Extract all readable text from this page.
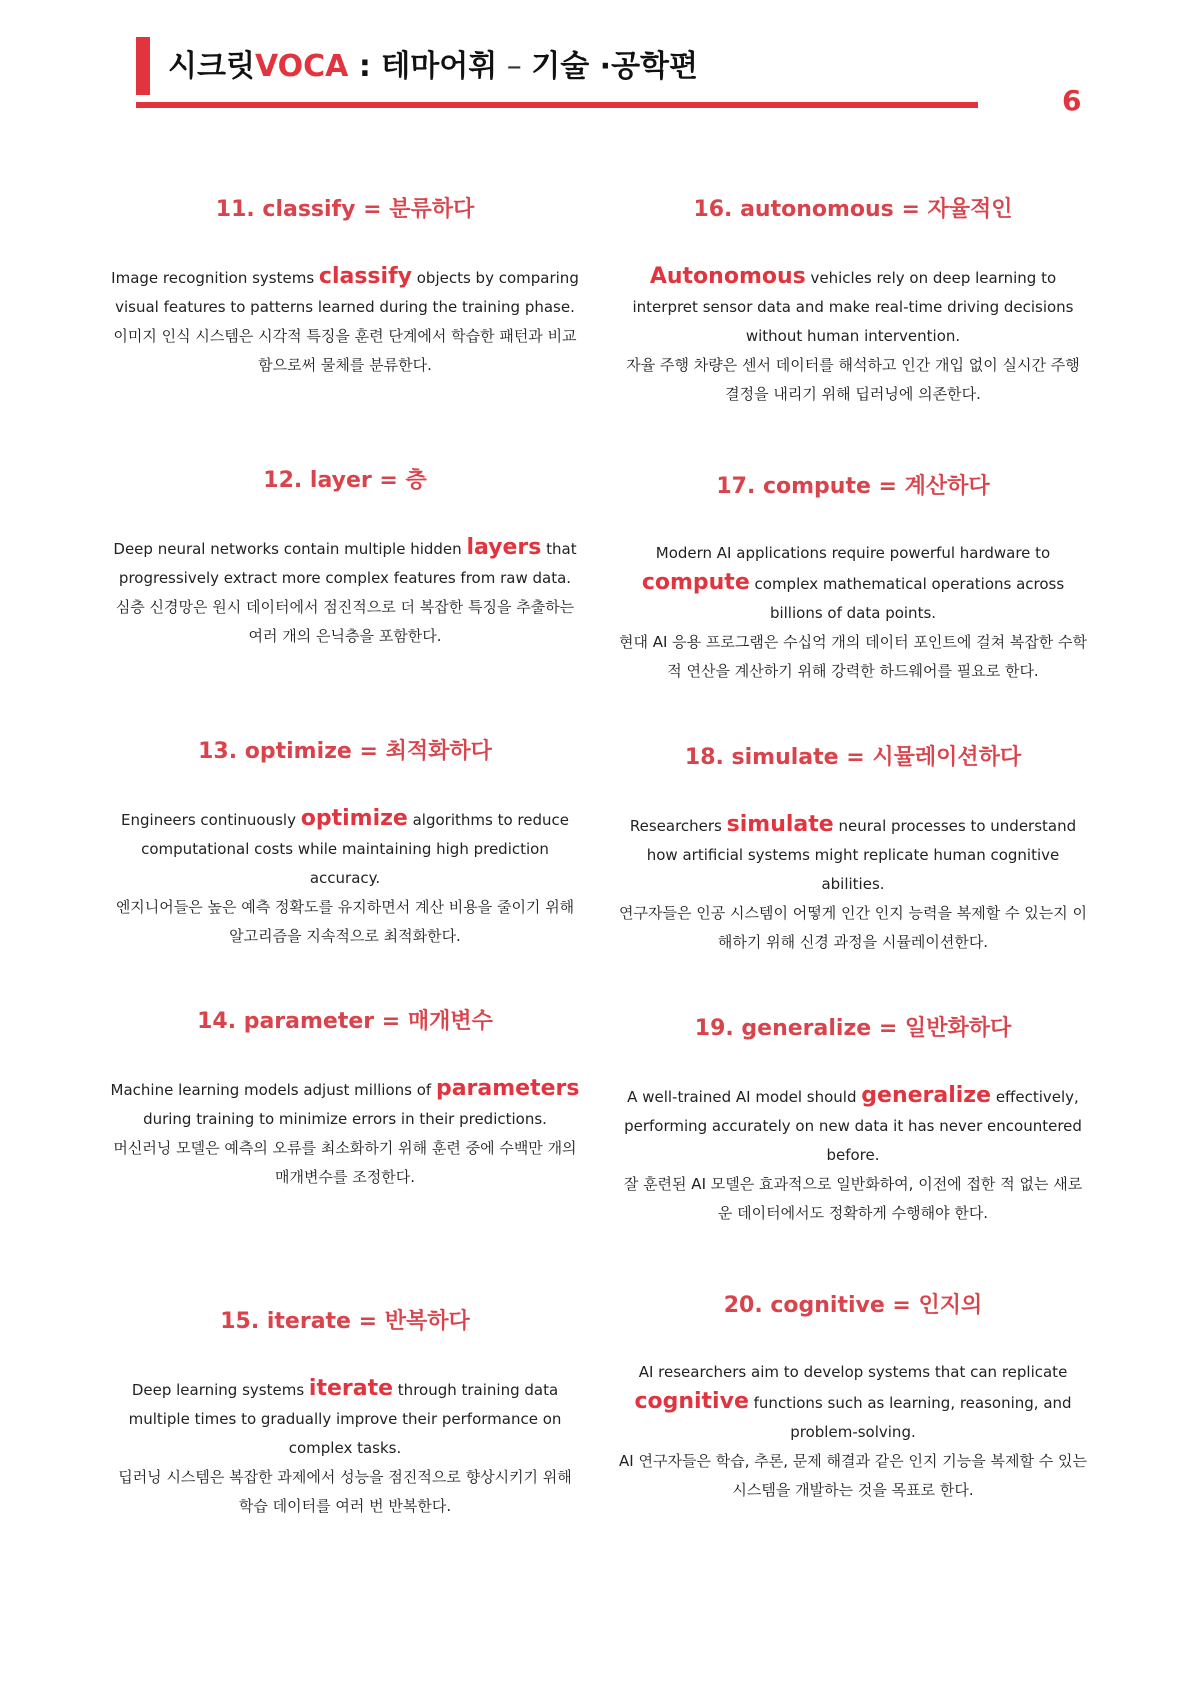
시크릿VOCA : 테마어휘 – 기술 ·공학편
6

11. classify = 분류하다

Image recognition systems classify objects by comparing visual features to patterns learned during the training phase.

이미지 인식 시스템은 시각적 특징을 훈련 단계에서 학습한 패턴과 비교함으로써 물체를 분류한다.

12. layer = 층

Deep neural networks contain multiple hidden layers that progressively extract more complex features from raw data.

심층 신경망은 원시 데이터에서 점진적으로 더 복잡한 특징을 추출하는 여러 개의 은닉층을 포함한다.

13. optimize = 최적화하다

Engineers continuously optimize algorithms to reduce computational costs while maintaining high prediction accuracy.

엔지니어들은 높은 예측 정확도를 유지하면서 계산 비용을 줄이기 위해 알고리즘을 지속적으로 최적화한다.

14. parameter = 매개변수

Machine learning models adjust millions of parameters during training to minimize errors in their predictions.

머신러닝 모델은 예측의 오류를 최소화하기 위해 훈련 중에 수백만 개의 매개변수를 조정한다.

15. iterate = 반복하다

Deep learning systems iterate through training data multiple times to gradually improve their performance on complex tasks.

딥러닝 시스템은 복잡한 과제에서 성능을 점진적으로 향상시키기 위해 학습 데이터를 여러 번 반복한다.

16. autonomous = 자율적인

Autonomous vehicles rely on deep learning to interpret sensor data and make real-time driving decisions without human intervention.

자율 주행 차량은 센서 데이터를 해석하고 인간 개입 없이 실시간 주행 결정을 내리기 위해 딥러닝에 의존한다.

17. compute = 계산하다

Modern AI applications require powerful hardware to compute complex mathematical operations across billions of data points.

현대 AI 응용 프로그램은 수십억 개의 데이터 포인트에 걸쳐 복잡한 수학적 연산을 계산하기 위해 강력한 하드웨어를 필요로 한다.

18. simulate = 시뮬레이션하다

Researchers simulate neural processes to understand how artificial systems might replicate human cognitive abilities.

연구자들은 인공 시스템이 어떻게 인간 인지 능력을 복제할 수 있는지 이해하기 위해 신경 과정을 시뮬레이션한다.

19. generalize = 일반화하다

A well-trained AI model should generalize effectively, performing accurately on new data it has never encountered before.

잘 훈련된 AI 모델은 효과적으로 일반화하여, 이전에 접한 적 없는 새로운 데이터에서도 정확하게 수행해야 한다.

20. cognitive = 인지의

AI researchers aim to develop systems that can replicate cognitive functions such as learning, reasoning, and problem-solving.

AI 연구자들은 학습, 추론, 문제 해결과 같은 인지 기능을 복제할 수 있는 시스템을 개발하는 것을 목표로 한다.
